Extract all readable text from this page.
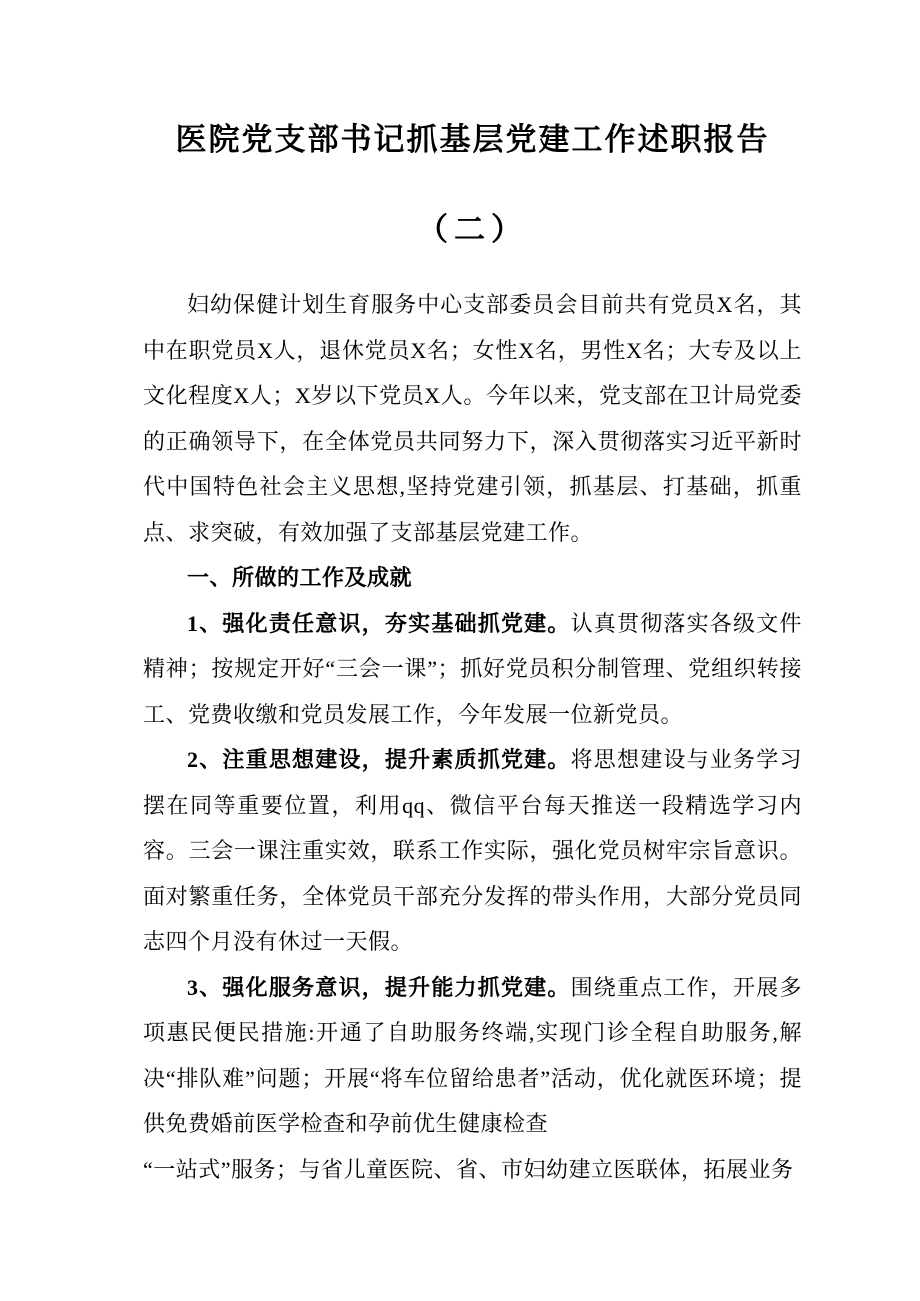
医院党支部书记抓基层党建工作述职报告
（二）

妇幼保健计划生育服务中心支部委员会目前共有党员X名，其中在职党员X人，退休党员X名；女性X名，男性X名；大专及以上文化程度X人；X岁以下党员X人。今年以来，党支部在卫计局党委的正确领导下，在全体党员共同努力下，深入贯彻落实习近平新时代中国特色社会主义思想,坚持党建引领，抓基层、打基础，抓重点、求突破，有效加强了支部基层党建工作。

一、所做的工作及成就

1、强化责任意识，夯实基础抓党建。认真贯彻落实各级文件精神；按规定开好“三会一课”；抓好党员积分制管理、党组织转接工、党费收缴和党员发展工作，今年发展一位新党员。

2、注重思想建设，提升素质抓党建。将思想建设与业务学习摆在同等重要位置，利用qq、微信平台每天推送一段精选学习内容。三会一课注重实效，联系工作实际，强化党员树牢宗旨意识。面对繁重任务，全体党员干部充分发挥的带头作用，大部分党员同志四个月没有休过一天假。

3、强化服务意识，提升能力抓党建。围绕重点工作，开展多项惠民便民措施:开通了自助服务终端,实现门诊全程自助服务,解决“排队难”问题；开展“将车位留给患者”活动，优化就医环境；提供免费婚前医学检查和孕前优生健康检查

“一站式”服务；与省儿童医院、省、市妇幼建立医联体，拓展业务
